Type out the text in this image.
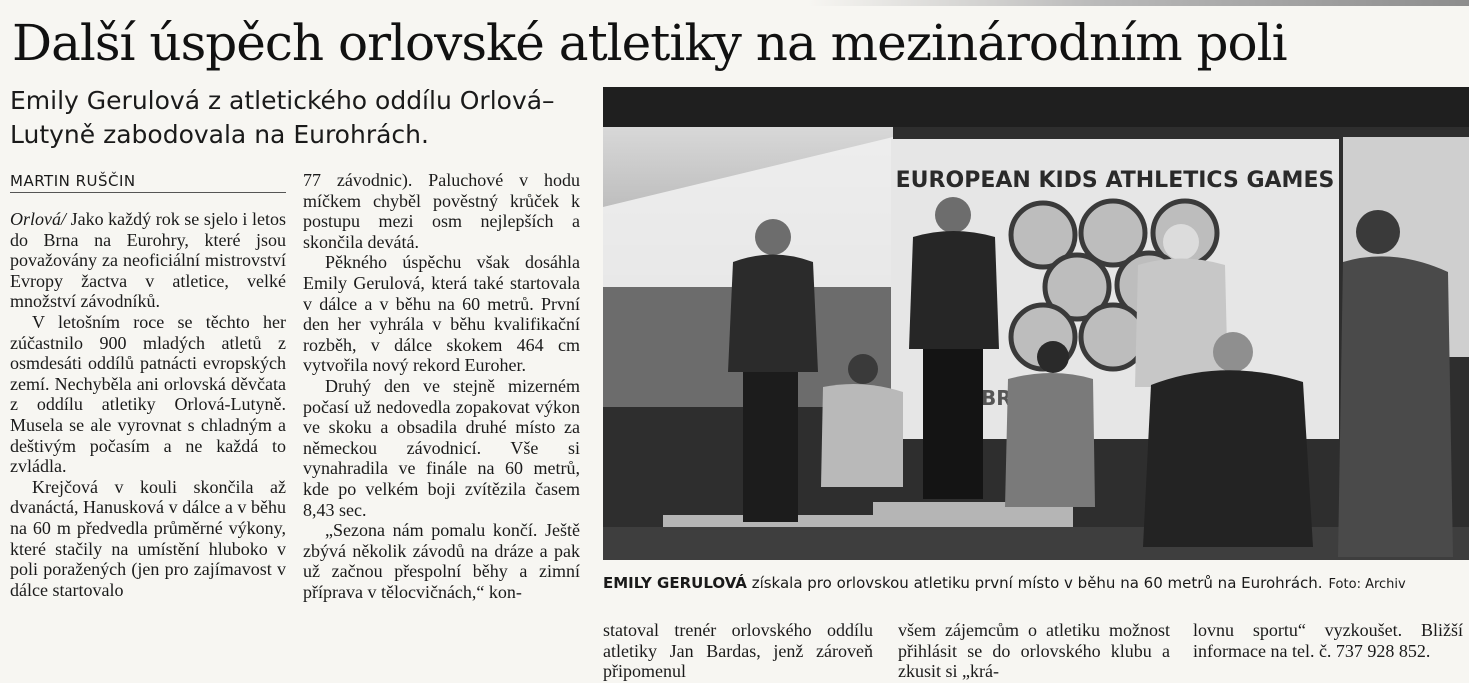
Další úspěch orlovské atletiky na mezinárodním poli
Emily Gerulová z atletického oddílu Orlová–Lutyně zabodovala na Eurohrách.
MARTIN RUŠČIN

Orlová/ Jako každý rok se sjelo i letos do Brna na Eurohry, které jsou považovány za neoficiální mistrovství Evropy žactva v atletice, velké množství závodníků.

V letošním roce se těchto her zúčastnilo 900 mladých atletů z osmdesáti oddílů patnácti evropských zemí. Nechyběla ani orlovská děvčata z oddílu atletiky Orlová-Lutyně. Musela se ale vyrovnat s chladným a deštivým počasím a ne každá to zvládla.

Krejčová v kouli skončila až dvanáctá, Hanusková v dálce a v běhu na 60 m předvedla průměrné výkony, které stačily na umístění hluboko v poli poražených (jen pro zajímavost v dálce startovalo

77 závodnic). Paluchové v hodu míčkem chyběl pověstný krůček k postupu mezi osm nejlepších a skončila devátá.

Pěkného úspěchu však dosáhla Emily Gerulová, která také startovala v dálce a v běhu na 60 metrů. První den her vyhrála v běhu kvalifikační rozběh, v dálce skokem 464 cm vytvořila nový rekord Euroher.

Druhý den ve stejně mizerném počasí už nedovedla zopakovat výkon ve skoku a obsadila druhé místo za německou závodnicí. Vše si vynahradila ve finále na 60 metrů, kde po velkém boji zvítězila časem 8,43 sec.

„Sezona nám pomalu končí. Ještě zbývá několik závodů na dráze a pak už začnou přespolní běhy a zimní příprava v tělocvičnách,“ kon-

EUROPEAN KIDS ATHLETICS GAMES
EMILY GERULOVÁ získala pro orlovskou atletiku první místo v běhu na 60 metrů na Eurohrách. Foto: Archiv

statoval trenér orlovského oddílu atletiky Jan Bardas, jenž zároveň připomenul

všem zájemcům o atletiku možnost přihlásit se do orlovského klubu a zkusit si „krá-

lovnu sportu“ vyzkoušet. Bližší informace na tel. č. 737 928 852.
